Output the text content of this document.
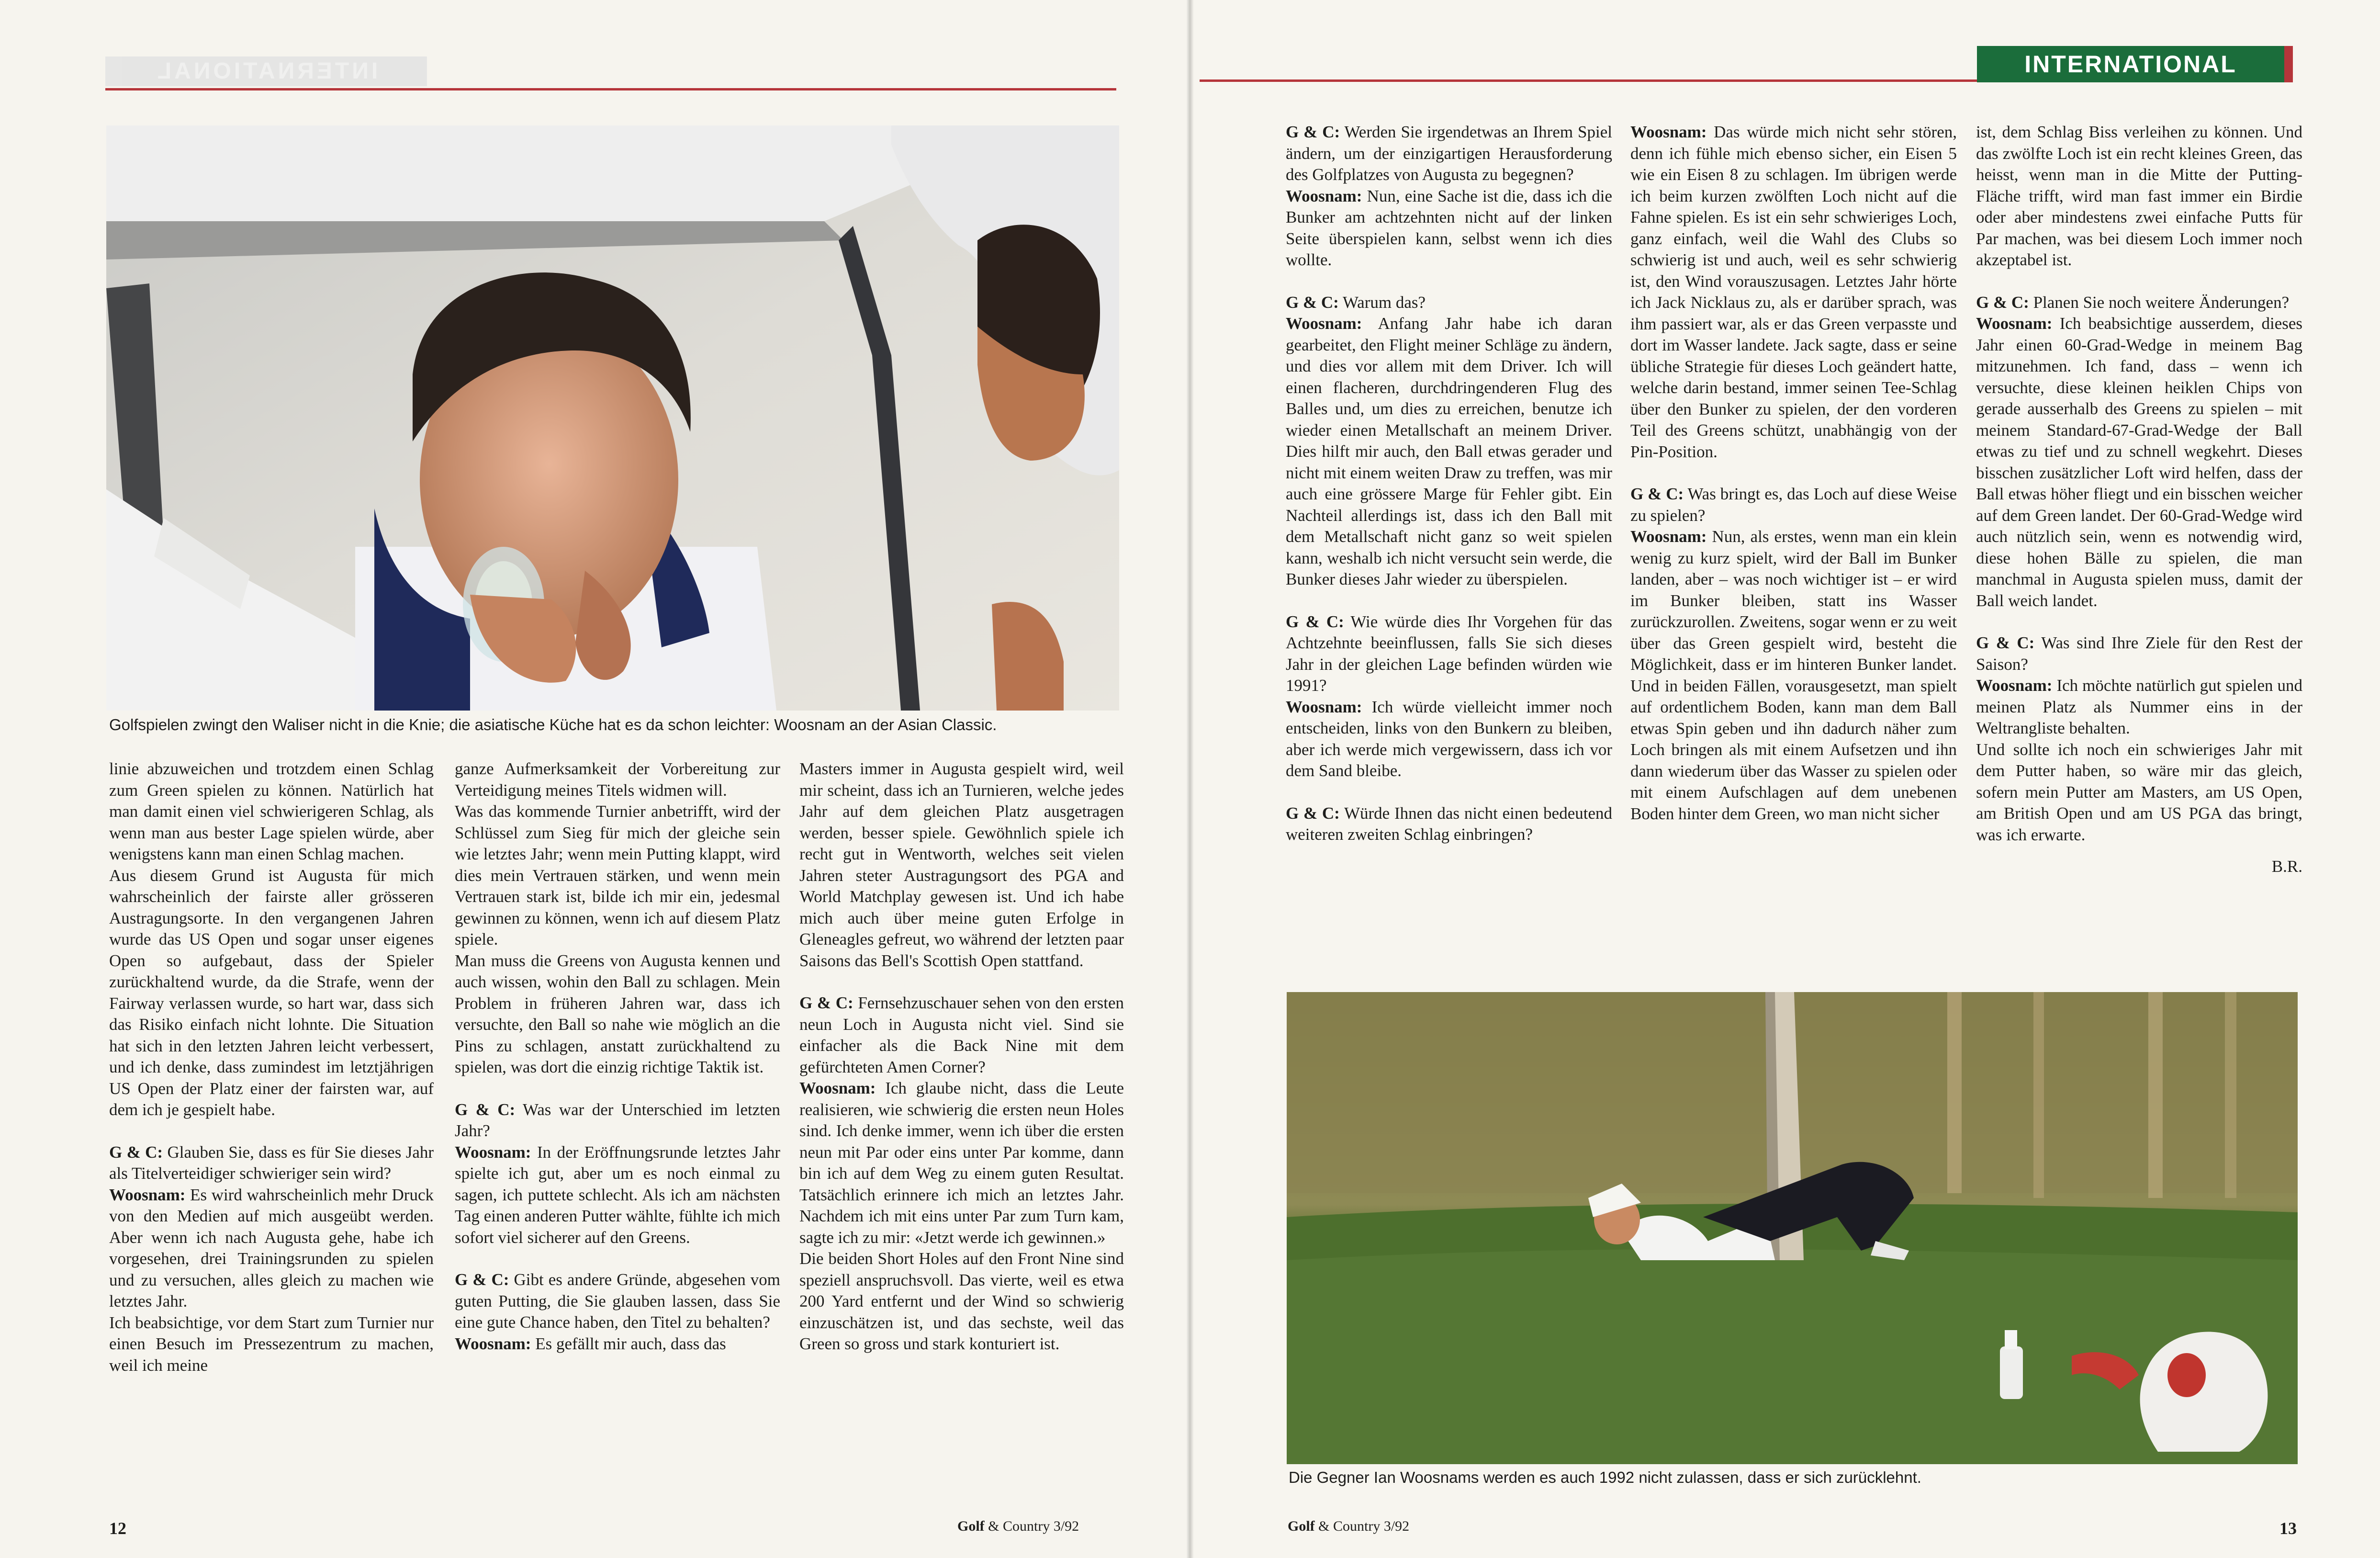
INTERNATIONAL
Golfspielen zwingt den Waliser nicht in die Knie; die asiatische Küche hat es da schon leichter: Woosnam an der Asian Classic.

linie abzuweichen und trotzdem einen Schlag zum Green spielen zu können. Natürlich hat man damit einen viel schwierigeren Schlag, als wenn man aus bester Lage spielen würde, aber wenigstens kann man einen Schlag machen.

Aus diesem Grund ist Augusta für mich wahrscheinlich der fairste aller grösseren Austragungsorte. In den vergangenen Jahren wurde das US Open und sogar unser eigenes Open so aufgebaut, dass der Spieler zurückhaltend wurde, da die Strafe, wenn der Fairway verlassen wurde, so hart war, dass sich das Risiko einfach nicht lohnte. Die Situation hat sich in den letzten Jahren leicht verbessert, und ich denke, dass zumindest im letztjährigen US Open der Platz einer der fairsten war, auf dem ich je gespielt habe.

G & C: Glauben Sie, dass es für Sie dieses Jahr als Titelverteidiger schwieriger sein wird?

Woosnam: Es wird wahrscheinlich mehr Druck von den Medien auf mich ausgeübt werden. Aber wenn ich nach Augusta gehe, habe ich vorgesehen, drei Trainingsrunden zu spielen und zu versuchen, alles gleich zu machen wie letztes Jahr.

Ich beabsichtige, vor dem Start zum Turnier nur einen Besuch im Pressezentrum zu machen, weil ich meine

ganze Aufmerksamkeit der Vorbereitung zur Verteidigung meines Titels widmen will.

Was das kommende Turnier anbetrifft, wird der Schlüssel zum Sieg für mich der gleiche sein wie letztes Jahr; wenn mein Putting klappt, wird dies mein Vertrauen stärken, und wenn mein Vertrauen stark ist, bilde ich mir ein, jedesmal gewinnen zu können, wenn ich auf diesem Platz spiele.

Man muss die Greens von Augusta kennen und auch wissen, wohin den Ball zu schlagen. Mein Problem in früheren Jahren war, dass ich versuchte, den Ball so nahe wie möglich an die Pins zu schlagen, anstatt zurückhaltend zu spielen, was dort die einzig richtige Taktik ist.

G & C: Was war der Unterschied im letzten Jahr?

Woosnam: In der Eröffnungsrunde letztes Jahr spielte ich gut, aber um es noch einmal zu sagen, ich puttete schlecht. Als ich am nächsten Tag einen anderen Putter wählte, fühlte ich mich sofort viel sicherer auf den Greens.

G & C: Gibt es andere Gründe, abgesehen vom guten Putting, die Sie glauben lassen, dass Sie eine gute Chance haben, den Titel zu behalten?

Woosnam: Es gefällt mir auch, dass das

Masters immer in Augusta gespielt wird, weil mir scheint, dass ich an Turnieren, welche jedes Jahr auf dem gleichen Platz ausgetragen werden, besser spiele. Gewöhnlich spiele ich recht gut in Wentworth, welches seit vielen Jahren steter Austragungsort des PGA and World Matchplay gewesen ist. Und ich habe mich auch über meine guten Erfolge in Gleneagles gefreut, wo während der letzten paar Saisons das Bell's Scottish Open stattfand.

G & C: Fernsehzuschauer sehen von den ersten neun Loch in Augusta nicht viel. Sind sie einfacher als die Back Nine mit dem gefürchteten Amen Corner?

Woosnam: Ich glaube nicht, dass die Leute realisieren, wie schwierig die ersten neun Holes sind. Ich denke immer, wenn ich über die ersten neun mit Par oder eins unter Par komme, dann bin ich auf dem Weg zu einem guten Resultat. Tatsächlich erinnere ich mich an letztes Jahr. Nachdem ich mit eins unter Par zum Turn kam, sagte ich zu mir: «Jetzt werde ich gewinnen.»

Die beiden Short Holes auf den Front Nine sind speziell anspruchsvoll. Das vierte, weil es etwa 200 Yard entfernt und der Wind so schwierig einzuschätzen ist, und das sechste, weil das Green so gross und stark konturiert ist.

12	Golf & Country 3/92
INTERNATIONAL

G & C: Werden Sie irgendetwas an Ihrem Spiel ändern, um der einzigartigen Herausforderung des Golfplatzes von Augusta zu begegnen?

Woosnam: Nun, eine Sache ist die, dass ich die Bunker am achtzehnten nicht auf der linken Seite überspielen kann, selbst wenn ich dies wollte.

G & C: Warum das?

Woosnam: Anfang Jahr habe ich daran gearbeitet, den Flight meiner Schläge zu ändern, und dies vor allem mit dem Driver. Ich will einen flacheren, durchdringenderen Flug des Balles und, um dies zu erreichen, benutze ich wieder einen Metallschaft an meinem Driver. Dies hilft mir auch, den Ball etwas gerader und nicht mit einem weiten Draw zu treffen, was mir auch eine grössere Marge für Fehler gibt. Ein Nachteil allerdings ist, dass ich den Ball mit dem Metallschaft nicht ganz so weit spielen kann, weshalb ich nicht versucht sein werde, die Bunker dieses Jahr wieder zu überspielen.

G & C: Wie würde dies Ihr Vorgehen für das Achtzehnte beeinflussen, falls Sie sich dieses Jahr in der gleichen Lage befinden würden wie 1991?

Woosnam: Ich würde vielleicht immer noch entscheiden, links von den Bunkern zu bleiben, aber ich werde mich vergewissern, dass ich vor dem Sand bleibe.

G & C: Würde Ihnen das nicht einen bedeutend weiteren zweiten Schlag einbringen?

Woosnam: Das würde mich nicht sehr stören, denn ich fühle mich ebenso sicher, ein Eisen 5 wie ein Eisen 8 zu schlagen. Im übrigen werde ich beim kurzen zwölften Loch nicht auf die Fahne spielen. Es ist ein sehr schwieriges Loch, ganz einfach, weil die Wahl des Clubs so schwierig ist und auch, weil es sehr schwierig ist, den Wind vorauszusagen. Letztes Jahr hörte ich Jack Nicklaus zu, als er darüber sprach, was ihm passiert war, als er das Green verpasste und dort im Wasser landete. Jack sagte, dass er seine übliche Strategie für dieses Loch geändert hatte, welche darin bestand, immer seinen Tee-Schlag über den Bunker zu spielen, der den vorderen Teil des Greens schützt, unabhängig von der Pin-Position.

G & C: Was bringt es, das Loch auf diese Weise zu spielen?

Woosnam: Nun, als erstes, wenn man ein klein wenig zu kurz spielt, wird der Ball im Bunker landen, aber – was noch wichtiger ist – er wird im Bunker bleiben, statt ins Wasser zurückzurollen. Zweitens, sogar wenn er zu weit über das Green gespielt wird, besteht die Möglichkeit, dass er im hinteren Bunker landet. Und in beiden Fällen, vorausgesetzt, man spielt auf ordentlichem Boden, kann man dem Ball etwas Spin geben und ihn dadurch näher zum Loch bringen als mit einem Aufsetzen und ihn dann wiederum über das Wasser zu spielen oder mit einem Aufschlagen auf dem unebenen Boden hinter dem Green, wo man nicht sicher

ist, dem Schlag Biss verleihen zu können. Und das zwölfte Loch ist ein recht kleines Green, das heisst, wenn man in die Mitte der Putting-Fläche trifft, wird man fast immer ein Birdie oder aber mindestens zwei einfache Putts für Par machen, was bei diesem Loch immer noch akzeptabel ist.

G & C: Planen Sie noch weitere Änderungen?

Woosnam: Ich beabsichtige ausserdem, dieses Jahr einen 60-Grad-Wedge in meinem Bag mitzunehmen. Ich fand, dass – wenn ich versuchte, diese kleinen heiklen Chips von gerade ausserhalb des Greens zu spielen – mit meinem Standard-67-Grad-Wedge der Ball etwas zu tief und zu schnell wegkehrt. Dieses bisschen zusätzlicher Loft wird helfen, dass der Ball etwas höher fliegt und ein bisschen weicher auf dem Green landet. Der 60-Grad-Wedge wird auch nützlich sein, wenn es notwendig wird, diese hohen Bälle zu spielen, die man manchmal in Augusta spielen muss, damit der Ball weich landet.

G & C: Was sind Ihre Ziele für den Rest der Saison?

Woosnam: Ich möchte natürlich gut spielen und meinen Platz als Nummer eins in der Weltrangliste behalten.

Und sollte ich noch ein schwieriges Jahr mit dem Putter haben, so wäre mir das gleich, sofern mein Putter am Masters, am US Open, am British Open und am US PGA das bringt, was ich erwarte.

B.R.

Die Gegner Ian Woosnams werden es auch 1992 nicht zulassen, dass er sich zurücklehnt.
Golf & Country 3/92	13
